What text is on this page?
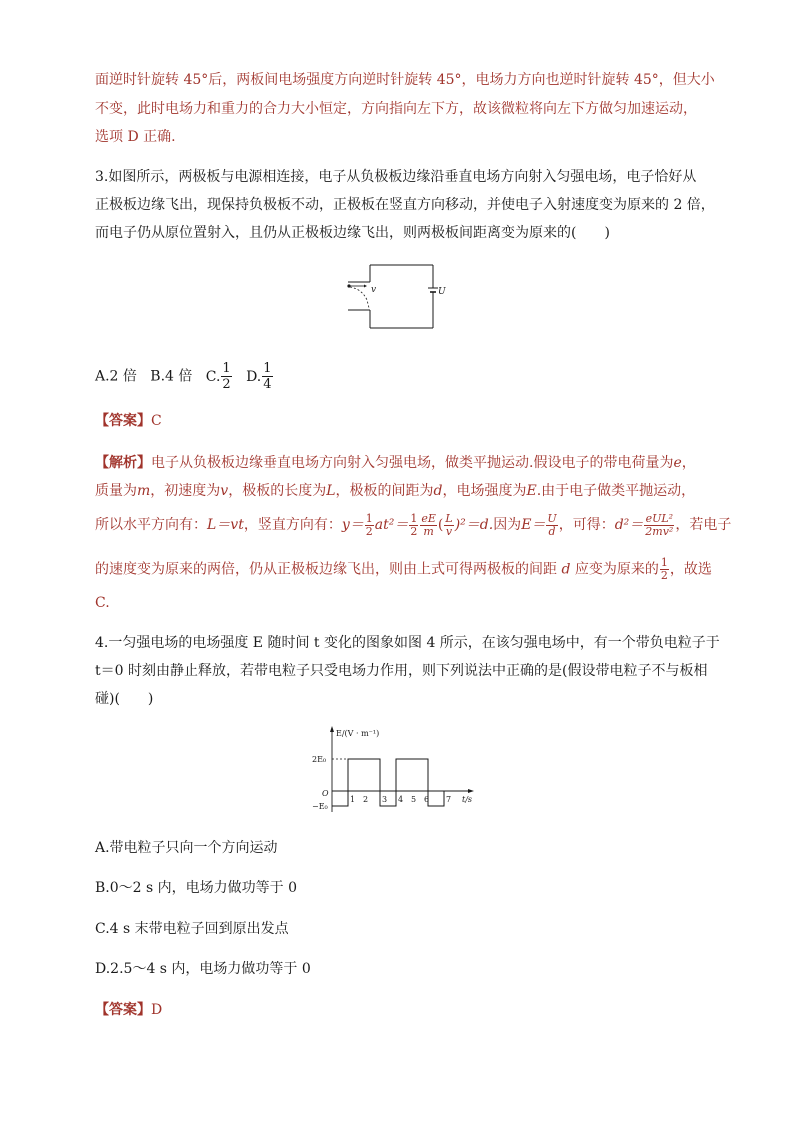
面逆时针旋转 45°后，两板间电场强度方向逆时针旋转 45°，电场力方向也逆时针旋转 45°，但大小
不变，此时电场力和重力的合力大小恒定，方向指向左下方，故该微粒将向左下方做匀加速运动，
选项 D 正确.
3.如图所示，两极板与电源相连接，电子从负极板边缘沿垂直电场方向射入匀强电场，电子恰好从
正极板边缘飞出，现保持负极板不动，正极板在竖直方向移动，并使电子入射速度变为原来的 2 倍，
而电子仍从原位置射入，且仍从正极板边缘飞出，则两极板间距离变为原来的(　　)
v	U
A.2 倍 B.4 倍 C. $\frac{1}{2} D$. $\frac{1}{4}$
【答案】C
【解析】电子从负极板边缘垂直电场方向射入匀强电场，做类平抛运动.假设电子的带电荷量为e，
质量为m，初速度为v，极板的长度为L，极板的间距为d，电场强度为E.由于电子做类平抛运动，
所以水平方向有：L＝vt，竖直方向有：$y= \frac{1}{2} at^2= \frac{1}{2} \frac{eE}{m}$ ( $\frac{L}{v} )^2=d$.因为$E= \frac{U}{d}$ ，可得：$d^2= \frac{\text{eUL²}}{\text{2mv²}}$ ，若电子
的速度变为原来的两倍，仍从正极板边缘飞出，则由上式可得两极板的间距 d 应变为原来的 $\frac{1}{2}$ ，故选
C.
4.一匀强电场的电场强度 E 随时间 t 变化的图象如图 4 所示，在该匀强电场中，有一个带负电粒子于
t＝0 时刻由静止释放，若带电粒子只受电场力作用，则下列说法中正确的是(假设带电粒子不与板相
碰)(　　)
E/(V · m⁻¹)
t/s
2E₀
−E₀
O
1 2 3 4 5 6 7
A.带电粒子只向一个方向运动
B.0～2 s 内，电场力做功等于 0
C.4 s 末带电粒子回到原出发点
D.2.5～4 s 内，电场力做功等于 0
【答案】D
